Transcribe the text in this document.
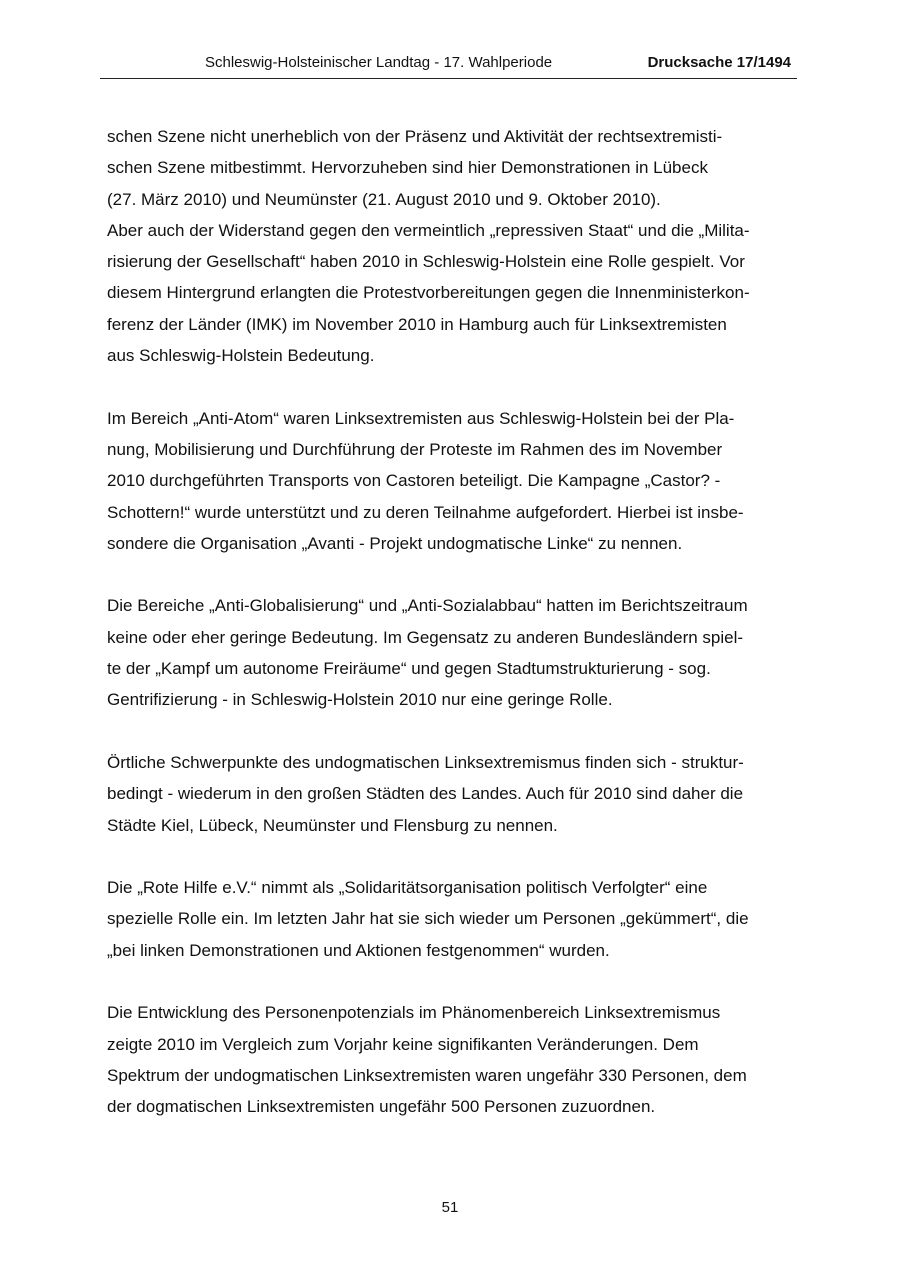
Schleswig-Holsteinischer Landtag - 17. Wahlperiode	Drucksache 17/1494

schen Szene nicht unerheblich von der Präsenz und Aktivität der rechtsextremisti-
schen Szene mitbestimmt. Hervorzuheben sind hier Demonstrationen in Lübeck
(27. März 2010) und Neumünster (21. August 2010 und 9. Oktober 2010).
Aber auch der Widerstand gegen den vermeintlich „repressiven Staat“ und die „Milita-
risierung der Gesellschaft“ haben 2010 in Schleswig-Holstein eine Rolle gespielt. Vor
diesem Hintergrund erlangten die Protestvorbereitungen gegen die Innenministerkon-
ferenz der Länder (IMK) im November 2010 in Hamburg auch für Linksextremisten
aus Schleswig-Holstein Bedeutung.

Im Bereich „Anti-Atom“ waren Linksextremisten aus Schleswig-Holstein bei der Pla-
nung, Mobilisierung und Durchführung der Proteste im Rahmen des im November
2010 durchgeführten Transports von Castoren beteiligt. Die Kampagne „Castor? -
Schottern!“ wurde unterstützt und zu deren Teilnahme aufgefordert. Hierbei ist insbe-
sondere die Organisation „Avanti - Projekt undogmatische Linke“ zu nennen.

Die Bereiche „Anti-Globalisierung“ und „Anti-Sozialabbau“ hatten im Berichtszeitraum
keine oder eher geringe Bedeutung. Im Gegensatz zu anderen Bundesländern spiel-
te der „Kampf um autonome Freiräume“ und gegen Stadtumstrukturierung - sog.
Gentrifizierung - in Schleswig-Holstein 2010 nur eine geringe Rolle.

Örtliche Schwerpunkte des undogmatischen Linksextremismus finden sich - struktur-
bedingt - wiederum in den großen Städten des Landes. Auch für 2010 sind daher die
Städte Kiel, Lübeck, Neumünster und Flensburg zu nennen.

Die „Rote Hilfe e.V.“ nimmt als „Solidaritätsorganisation politisch Verfolgter“ eine
spezielle Rolle ein. Im letzten Jahr hat sie sich wieder um Personen „gekümmert“, die
„bei linken Demonstrationen und Aktionen festgenommen“ wurden.

Die Entwicklung des Personenpotenzials im Phänomenbereich Linksextremismus
zeigte 2010 im Vergleich zum Vorjahr keine signifikanten Veränderungen. Dem
Spektrum der undogmatischen Linksextremisten waren ungefähr 330 Personen, dem
der dogmatischen Linksextremisten ungefähr 500 Personen zuzuordnen.

51
